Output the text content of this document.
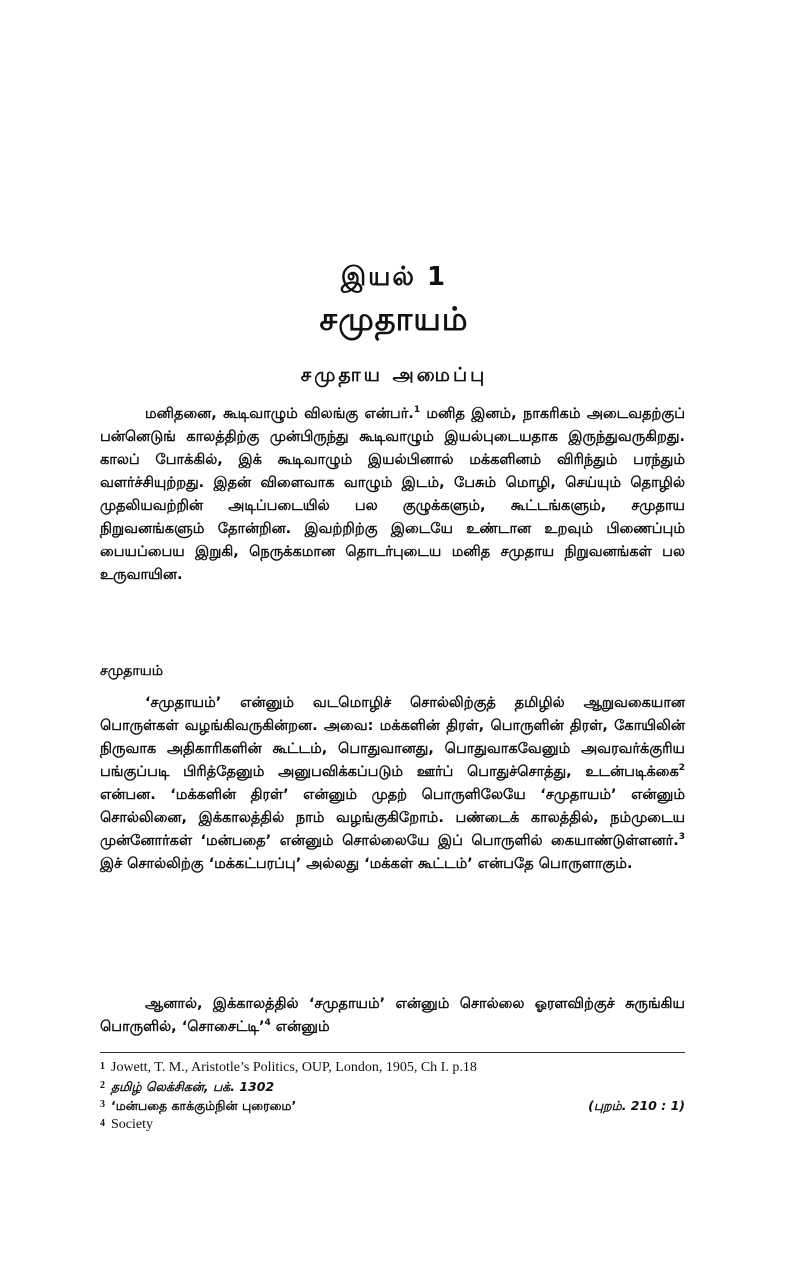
இயல் 1
சமுதாயம்
சமுதாய அமைப்பு

மனிதனை, கூடிவாழும் விலங்கு என்பர்.$^1$ மனித இனம், நாகரிகம் அடைவதற்குப் பன்னெடுங் காலத்திற்கு முன்பிருந்து கூடிவாழும் இயல்புடையதாக இருந்துவருகிறது. காலப் போக்கில், இக் கூடிவாழும் இயல்பினால் மக்களினம் விரிந்தும் பரந்தும் வளர்ச்சியுற்றது. இதன் விளைவாக வாழும் இடம், பேசும் மொழி, செய்யும் தொழில் முதலியவற்றின் அடிப்படையில் பல குழுக்களும், கூட்டங்களும், சமுதாய நிறுவனங்களும் தோன்றின. இவற்றிற்கு இடையே உண்டான உறவும் பிணைப்பும் பையப்பைய இறுகி, நெருக்கமான தொடர்புடைய மனித சமுதாய நிறுவனங்கள் பல உருவாயின.

சமுதாயம்

‘சமுதாயம்’ என்னும் வடமொழிச் சொல்லிற்குத் தமிழில் ஆறுவகையான பொருள்கள் வழங்கிவருகின்றன. அவை: மக்களின் திரள், பொருளின் திரள், கோயிலின் நிருவாக அதிகாரிகளின் கூட்டம், பொதுவானது, பொதுவாகவேனும் அவரவர்க்குரிய பங்குப்படி பிரித்தேனும் அனுபவிக்கப்படும் ஊர்ப் பொதுச்சொத்து, உடன்படிக்கை$^2$ என்பன. ‘மக்களின் திரள்’ என்னும் முதற் பொருளிலேயே ‘சமுதாயம்’ என்னும் சொல்லினை, இக்காலத்தில் நாம் வழங்குகிறோம். பண்டைக் காலத்தில், நம்முடைய முன்னோர்கள் ‘மன்பதை’ என்னும் சொல்லையே இப் பொருளில் கையாண்டுள்ளனர்.$^3$ இச் சொல்லிற்கு ‘மக்கட்பரப்பு’ அல்லது ‘மக்கள் கூட்டம்’ என்பதே பொருளாகும்.

ஆனால், இக்காலத்தில் ‘சமுதாயம்’ என்னும் சொல்லை ஓரளவிற்குச் சுருங்கிய பொருளில், ‘சொசைட்டி’$^4$ என்னும்

1 Jowett, T. M., Aristotle’s Politics, OUP, London, 1905, Ch I. p.18
2 தமிழ் லெக்சிகன், பக். 1302
3 ‘மன்பதை காக்கும்நின் புரைமை’	(புறம். 210 : 1)
4 Society
